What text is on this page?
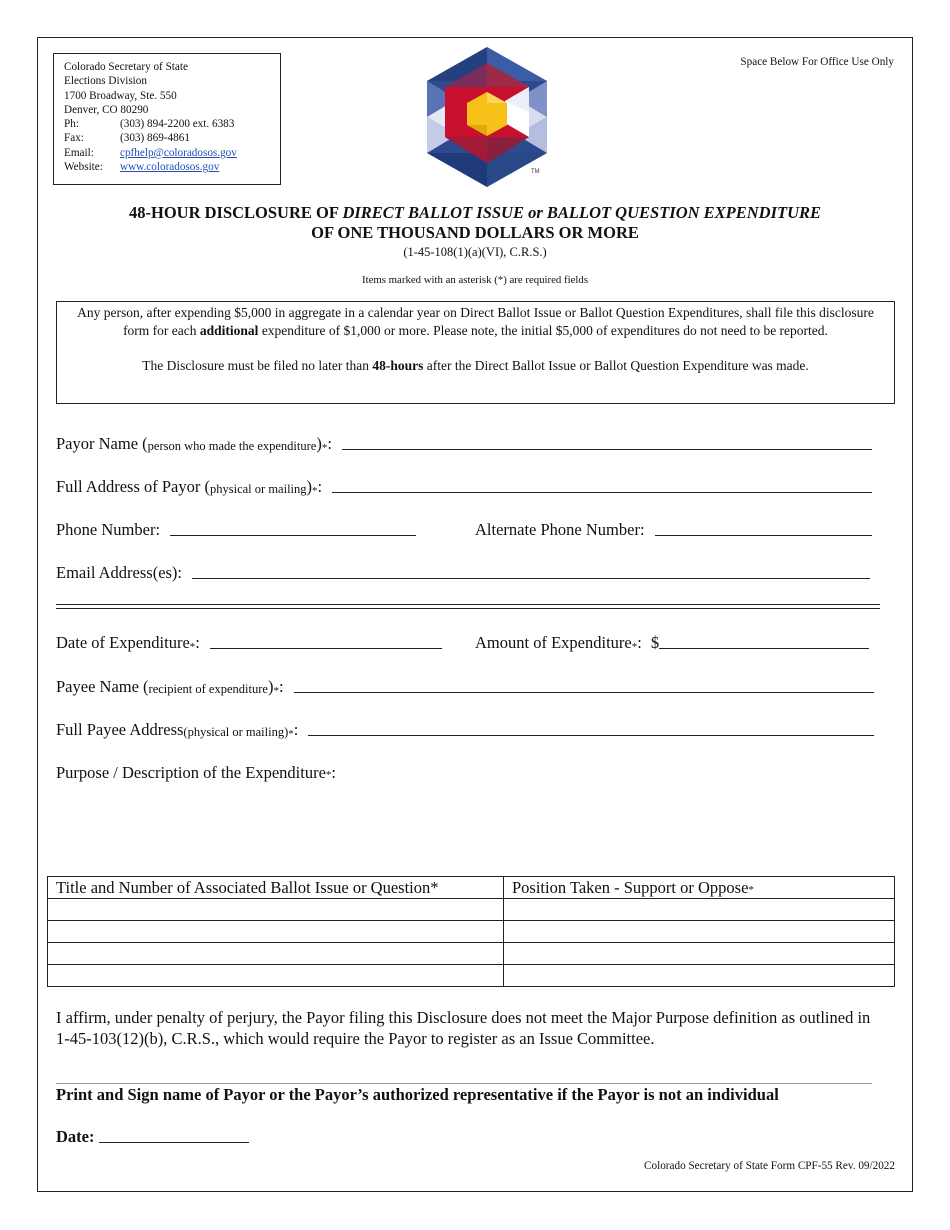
Colorado Secretary of State
Elections Division
1700 Broadway, Ste. 550
Denver, CO 80290
Ph:	(303) 894-2200 ext. 6383
Fax:	(303) 869-4861
Email:	cpfhelp@coloradosos.gov
Website:	www.coloradosos.gov	TM
Space Below For Office Use Only
48-HOUR DISCLOSURE OF DIRECT BALLOT ISSUE or BALLOT QUESTION EXPENDITURE
OF ONE THOUSAND DOLLARS OR MORE
(1-45-108(1)(a)(VI), C.R.S.)
Items marked with an asterisk (*) are required fields

Any person, after expending $5,000 in aggregate in a calendar year on Direct Ballot Issue or Ballot Question Expenditures, shall file this disclosure form for each additional expenditure of $1,000 or more. Please note, the initial $5,000 of expenditures do not need to be reported.

The Disclosure must be filed no later than 48-hours after the Direct Ballot Issue or Ballot Question Expenditure was made.

Payor Name ( person who made the expenditure ) * :
Full Address of Payor ( physical or mailing ) * :
Phone Number:	Alternate Phone Number:
Email Address(es):
Date of Expenditure * :	Amount of Expenditure * : $
Payee Name ( recipient of expenditure ) * :
Full Payee Address (physical or mailing) * :
Purpose / Description of the Expenditure*:
Title and Number of Associated Ballot Issue or Question*	Position Taken - Support or Oppose*

I affirm, under penalty of perjury, the Payor filing this Disclosure does not meet the Major Purpose definition as outlined in 1-45-103(12)(b), C.R.S., which would require the Payor to register as an Issue Committee.
Print and Sign name of Payor or the Payor’s authorized representative if the Payor is not an individual
Date:
Colorado Secretary of State Form CPF-55 Rev. 09/2022
